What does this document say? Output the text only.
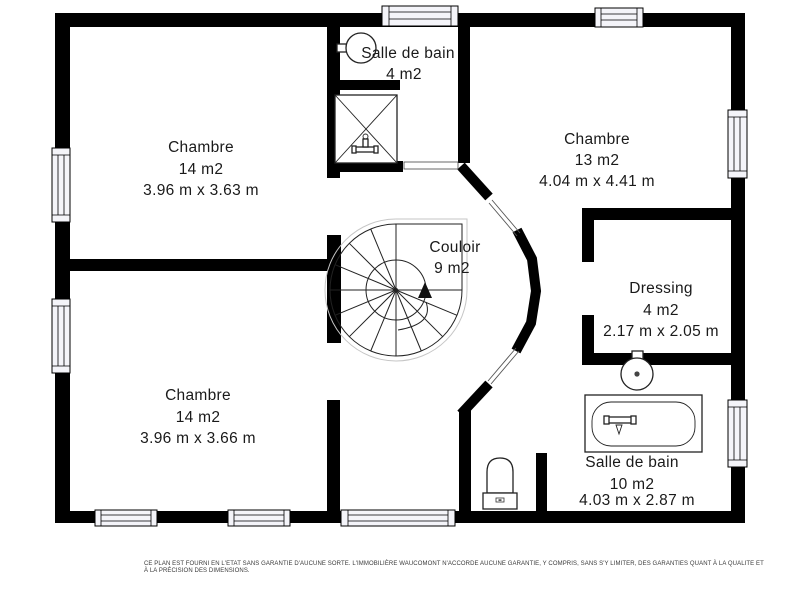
Salle de bain
4 m2
Chambre
14 m2
3.96 m x 3.63 m
Chambre
13 m2
4.04 m x 4.41 m
Couloir
9 m2
Dressing
4 m2
2.17 m x 2.05 m
Chambre
14 m2
3.96 m x 3.66 m
Salle de bain
10 m2
4.03 m x 2.87 m
CE PLAN EST FOURNI EN L'ETAT SANS GARANTIE D'AUCUNE SORTE. L'IMMOBILIÈRE WAUCOMONT N'ACCORDE AUCUNE GARANTIE, Y COMPRIS, SANS S'Y LIMITER, DES GARANTIES QUANT À LA QUALITE ET
À LA PRÉCISION DES DIMENSIONS.
